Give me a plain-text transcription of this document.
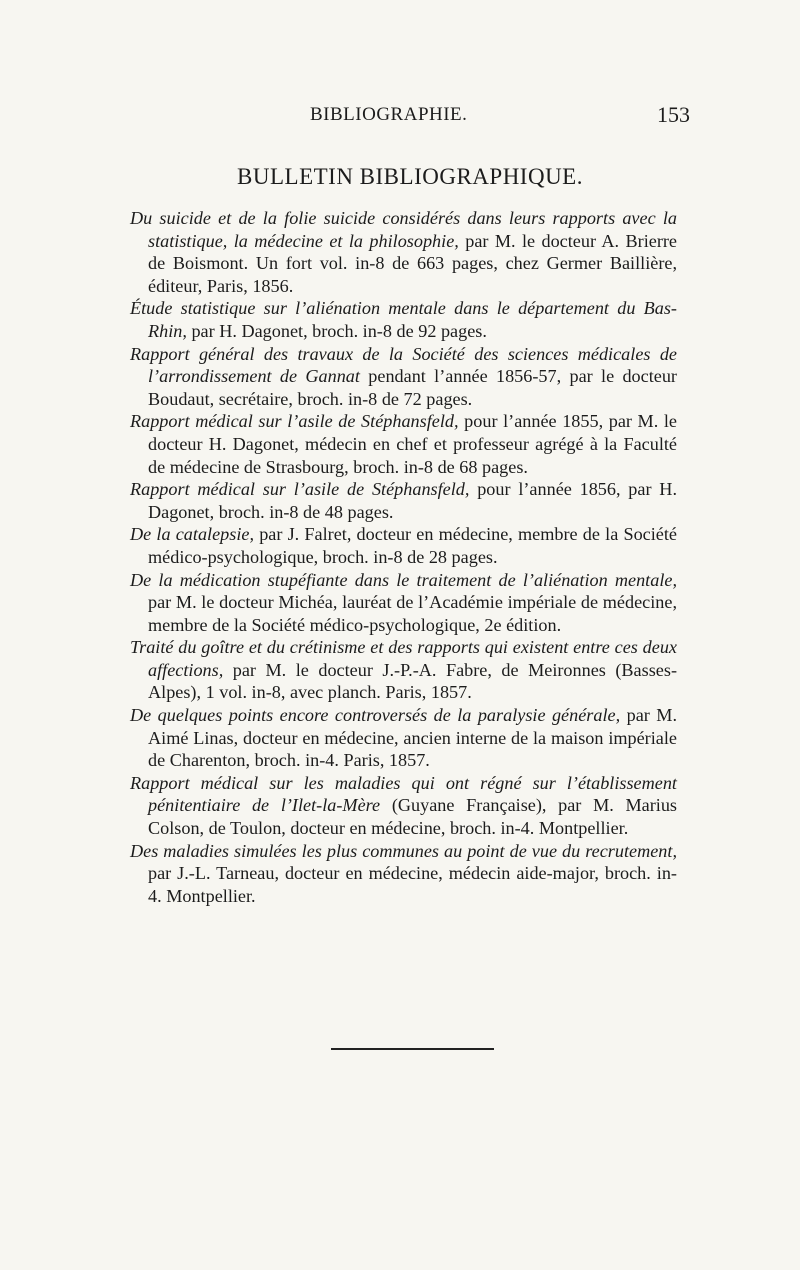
BIBLIOGRAPHIE.	153
BULLETIN BIBLIOGRAPHIQUE.

Du suicide et de la folie suicide considérés dans leurs rapports avec la statistique, la médecine et la philosophie, par M. le docteur A. Brierre de Boismont. Un fort vol. in-8 de 663 pages, chez Germer Baillière, éditeur, Paris, 1856.

Étude statistique sur l’aliénation mentale dans le département du Bas-Rhin, par H. Dagonet, broch. in-8 de 92 pages.

Rapport général des travaux de la Société des sciences médicales de l’arrondissement de Gannat pendant l’année 1856-57, par le docteur Boudaut, secrétaire, broch. in-8 de 72 pages.

Rapport médical sur l’asile de Stéphansfeld, pour l’année 1855, par M. le docteur H. Dagonet, médecin en chef et professeur agrégé à la Faculté de médecine de Strasbourg, broch. in-8 de 68 pages.

Rapport médical sur l’asile de Stéphansfeld, pour l’année 1856, par H. Dagonet, broch. in-8 de 48 pages.

De la catalepsie, par J. Falret, docteur en médecine, membre de la Société médico-psychologique, broch. in-8 de 28 pages.

De la médication stupéfiante dans le traitement de l’aliénation mentale, par M. le docteur Michéa, lauréat de l’Académie impériale de médecine, membre de la Société médico-psychologique, 2e édition.

Traité du goître et du crétinisme et des rapports qui existent entre ces deux affections, par M. le docteur J.-P.-A. Fabre, de Meironnes (Basses-Alpes), 1 vol. in-8, avec planch. Paris, 1857.

De quelques points encore controversés de la paralysie générale, par M. Aimé Linas, docteur en médecine, ancien interne de la maison impériale de Charenton, broch. in-4. Paris, 1857.

Rapport médical sur les maladies qui ont régné sur l’établissement pénitentiaire de l’Ilet-la-Mère (Guyane Française), par M. Marius Colson, de Toulon, docteur en médecine, broch. in-4. Montpellier.

Des maladies simulées les plus communes au point de vue du recrutement, par J.-L. Tarneau, docteur en médecine, médecin aide-major, broch. in-4. Montpellier.
